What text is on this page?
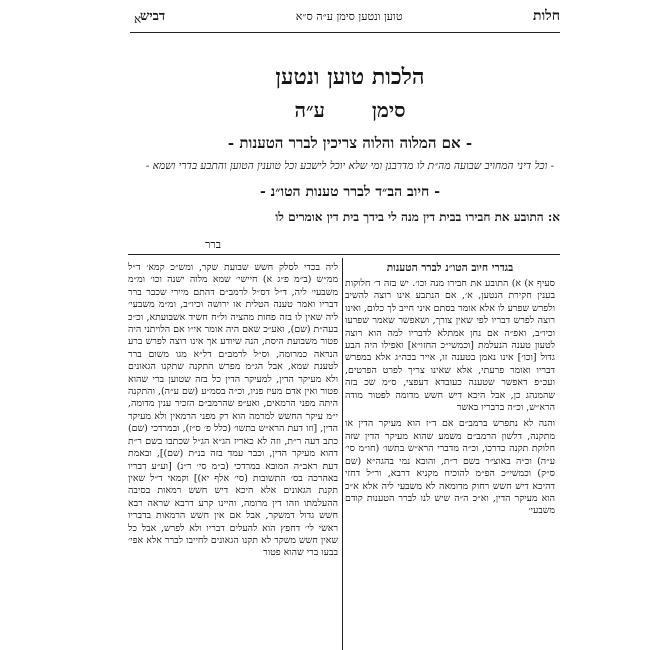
חלות
טוען ונטען סימן ע״ה ס״א
דביש
א
הלכות טוען ונטען
סימן ע״ה
- אם המלוה והלוה צריכין לברר הטענות -
- וכל דיני המחויב שבועה מה״ת לו מדרבנן ומי שלא יוכל לישבע וכל טוענין הטוען והתבע בדרי ושמא -
- חיוב הב״ד לברר טענות הטו״נ -
א: התובע את חבירו בבית דין מנה לי בידך בית דין אומרים לו
ברר
בגדרי חיוב הטו״נ לברר הטענות

סעיף א) א) התובע את חבירו מנה וכו׳. יש בזה ד׳ חלוקות בענין חקירת הנטען, א׳, אם הנתבע אינו רוצה להשיב ולפרש שפרע לו אלא אומר בסתם איני חייב לך כלום, ואינו רוצה לפרש דבריו לפי שאין צורך, ושאפשר שאמר שפרעו וכיו״ב, ואפ״ה אם נחן אמתלא לדבריו למה הוא רוצה לטעון טענה הנעלמת [וכמשי״כ החזו״א] ואפילו היה הבע גדול [וכו׳] אינו נאמן בטענה זו, אייר בכה״ג אלא במפרש דבריו ואומר פרעתי, אלא שאינו צריך לפרט הפרטים, ועכ״פ דאפשר שטענה כעובדא דעפצי, ס״מ שכ בזה שהמנהג כן, אבל היכא דיש חשש מדומה לפטור מודה הרא״ש, וכ״ה ברבריו באשר

והנה לא נתפרש ברמב״ם אם ד״ז הוא מעיקר הדין או מתקנה, דלשון הרמב״ם משמע שהוא מעיקר הדין שזה חלוקת תקנה כדרכו, וכ״ה מדברי הרא״ש בתשו׳ (חו״מ סי׳ ע״ה) וכ״ה באוצ״ר בשם ר״ת, והובא נמי בהגה״א (שם ס״ק) וכמשי״כ הפ״מ להוכיח מקניא דרבא, ור״ל דחזי דהיכא דיש חשש רחוק מדומאה לא משבעי ליה אלא א״כ הוא מעיקר הדין, וא״כ ה״ה שיש לנו לברר הטענות קודם משבעי׳

ליה בכדי לסלק חשש שבועת שקר, ומש״כ קמא׳ ד״ל ממ״ש (ב״מ פ״ג א) חיישי׳ שמא מלוה ישנה וכו׳ ומ״מ משבעי׳ ליה, ד״ל דס״ל לרמב״ם דהתם מיירי שכבר ברר דבריו ואמר טענה הטלית או ירושה וכיו״ב, ומ״מ משבעי׳ ליה שאין לו בזה פחות מהציה ול״ח חשיד אשבועתא, וכ״כ בעה״ת (שם), ואע״כ שאם היה אומר אי״ו אם הלויתני היה פטור משבועת היסת, הנה שיודע אך אינו רוצה לפרש ברע הנראה כמרומה, וס״ל לרמב״ם דל״א מגו משום ברר לטענת שמא, אבל הג״מ מפרש התקנה שתקנו הגאונים ולא מעיקר הדין, למעיקר הדין כל בזה שטוען ברי שהוא פטור ואין אדם מעיז פניו, וכ״ה בסמ״ע (שם ע״ה), והתקנה היתה מפני הרמאים, ואע״פ שהרמב״ם הזכיר ענין מדומה, י״מ עיקר החשש למרמה הוא רק מפני הרמאין ולא מעיקר הדין, [וזו דעת הרא״ש בתשו׳ (כלל פ׳ ס״ז), ובמרדכי (שם) כתב דעה ר״ת, וזה לא כאריז הג״א הג״ל שכתבו בשם ר״ת דהוא מעיקר הדין, וכבר עמד בזה בנ״ת (שם)], ובאמת דעת ראב״ה המובא במרדכי (ב״מ סי׳ ר״נ) [וע״ע דבריו באהרכה בס׳ התשובות (סי׳ אלף יא)] וקמאי ד״ל שאין תקנת הגאונים אלא היכא דיש חשש רמאות בסיבה ההעלמתו וזהו דין מרומה, והיינו קרע דרבא שראה רבא חשש גדול דמשקר, אבל אם אין חשש הרמאות בדבריו ראשי לי׳ דחפץ הוא להעלים דבריו ולא לפרש, אבל כל שאין חשש משקר לא תקנו הגאונים לחייבו לברר אלא אפי׳ בבעו ברי שהוא פטור
